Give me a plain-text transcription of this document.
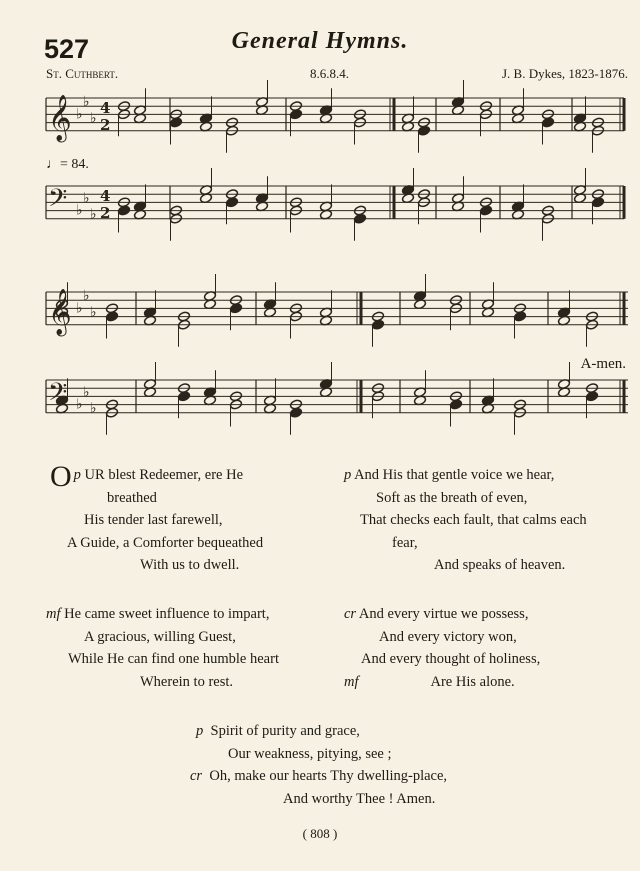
527	General Hymns.
St. Cuthbert.	8.6.8.4.	J. B. Dykes, 1823-1876.
𝄞 ♭
♭
♭
4
2
𝄢 ♭
♭
♭
4
2
𝄞 ♭
♭
♭
𝄢 ♭
♭
♭
♩= 84.
A-men.
p
O UR blest Redeemer, ere He
breathed
His tender last farewell,
A Guide, a Comforter bequeathed
With us to dwell.
p And His that gentle voice we hear,
Soft as the breath of even,
That checks each fault, that calms each
fear,
And speaks of heaven.
mf He came sweet influence to impart,
A gracious, willing Guest,
While He can find one humble heart
Wherein to rest.
cr And every virtue we possess,
And every victory won,
And every thought of holiness,
mf	Are His alone.
p Spirit of purity and grace,
Our weakness, pitying, see ;
cr Oh, make our hearts Thy dwelling-place,
And worthy Thee ! Amen.
( 808 )
